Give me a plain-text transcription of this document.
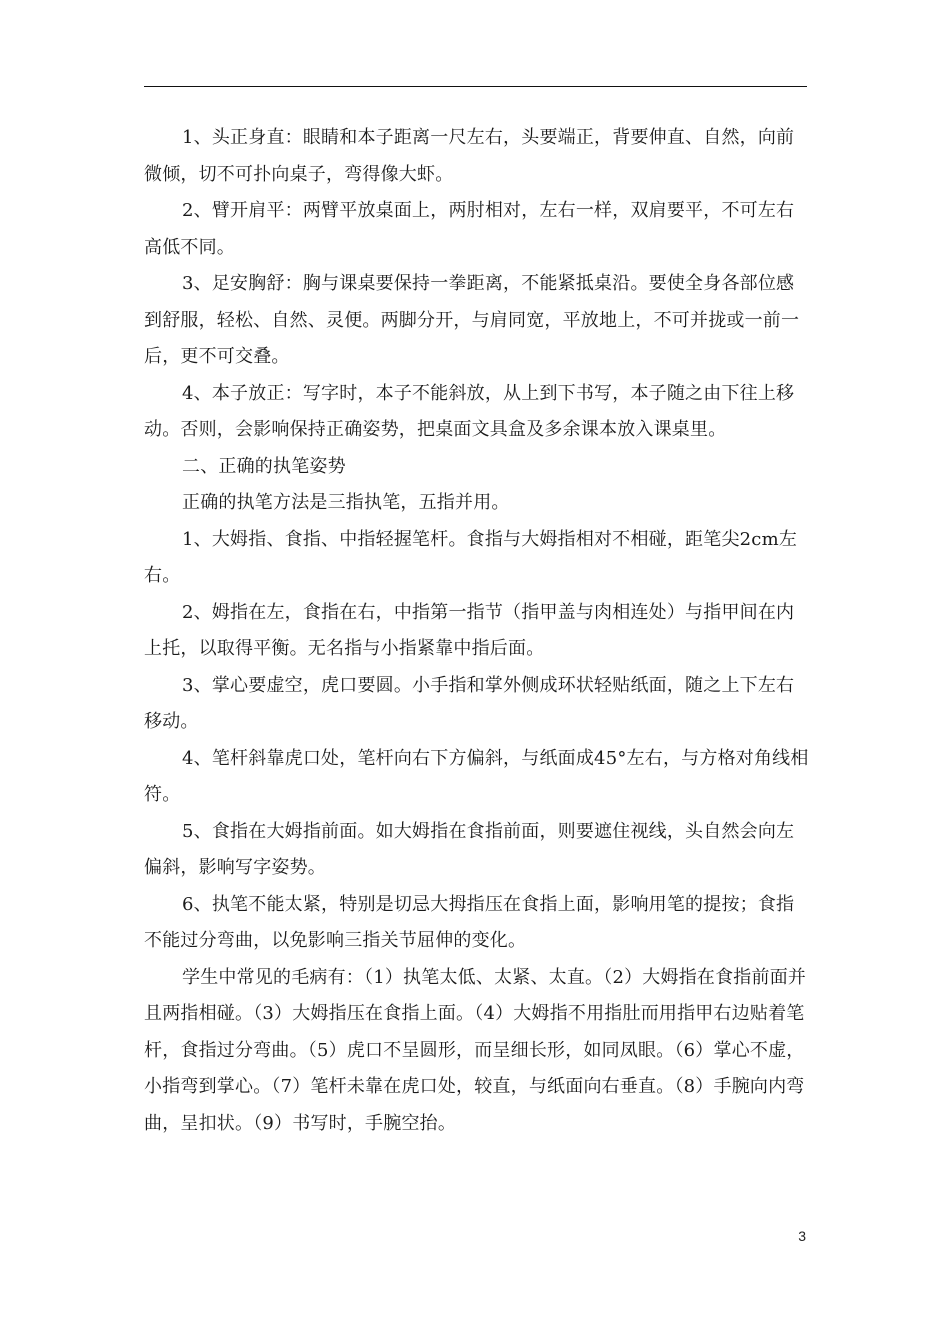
1、头正身直：眼睛和本子距离一尺左右，头要端正，背要伸直、自然，向前微倾，切不可扑向桌子，弯得像大虾。

2、臂开肩平：两臂平放桌面上，两肘相对，左右一样，双肩要平，不可左右高低不同。

3、足安胸舒：胸与课桌要保持一拳距离，不能紧抵桌沿。要使全身各部位感到舒服，轻松、自然、灵便。两脚分开，与肩同宽，平放地上，不可并拢或一前一后，更不可交叠。

4、本子放正：写字时，本子不能斜放，从上到下书写，本子随之由下往上移动。否则，会影响保持正确姿势，把桌面文具盒及多余课本放入课桌里。

二、正确的执笔姿势

正确的执笔方法是三指执笔，五指并用。

1、大姆指、食指、中指轻握笔杆。食指与大姆指相对不相碰，距笔尖2cm左右。

2、姆指在左，食指在右，中指第一指节（指甲盖与肉相连处）与指甲间在内上托，以取得平衡。无名指与小指紧靠中指后面。

3、掌心要虚空，虎口要圆。小手指和掌外侧成环状轻贴纸面，随之上下左右移动。

4、笔杆斜靠虎口处，笔杆向右下方偏斜，与纸面成45°左右，与方格对角线相符。

5、食指在大姆指前面。如大姆指在食指前面，则要遮住视线，头自然会向左偏斜，影响写字姿势。

6、执笔不能太紧，特别是切忌大拇指压在食指上面，影响用笔的提按；食指不能过分弯曲，以免影响三指关节屈伸的变化。

学生中常见的毛病有：（1）执笔太低、太紧、太直。（2）大姆指在食指前面并且两指相碰。（3）大姆指压在食指上面。（4）大姆指不用指肚而用指甲右边贴着笔杆，食指过分弯曲。（5）虎口不呈圆形，而呈细长形，如同凤眼。（6）掌心不虚，小指弯到掌心。（7）笔杆未靠在虎口处，较直，与纸面向右垂直。（8）手腕向内弯曲，呈扣状。（9）书写时，手腕空抬。

3
